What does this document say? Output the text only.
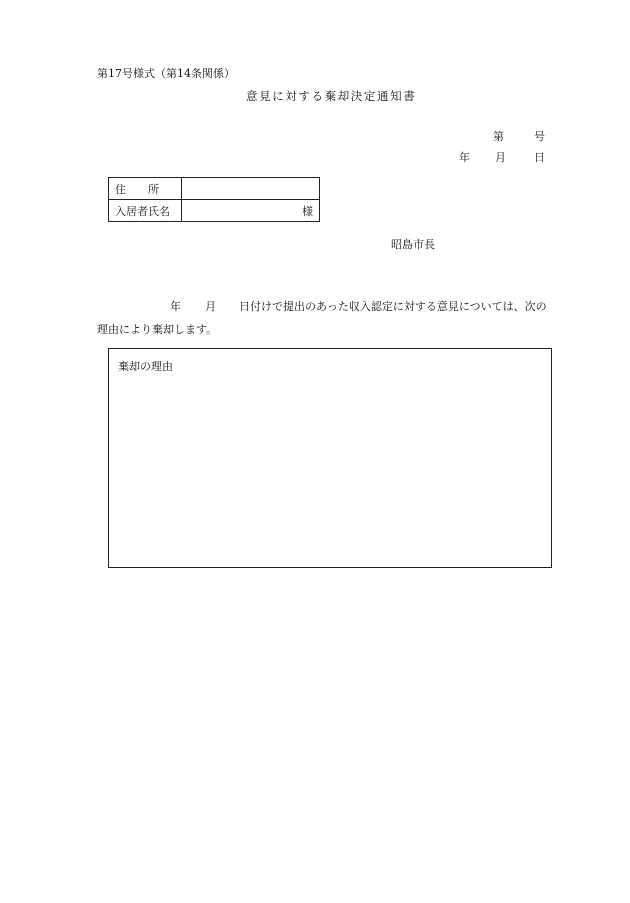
第17号様式（第14条関係）
意見に対する棄却決定通知書
第	号
年 月	日
住　　所	
入居者氏名	様
昭島市長
年 月 日付けで提出のあった収入認定に対する意見については、次の
理由により棄却します。
棄却の理由
